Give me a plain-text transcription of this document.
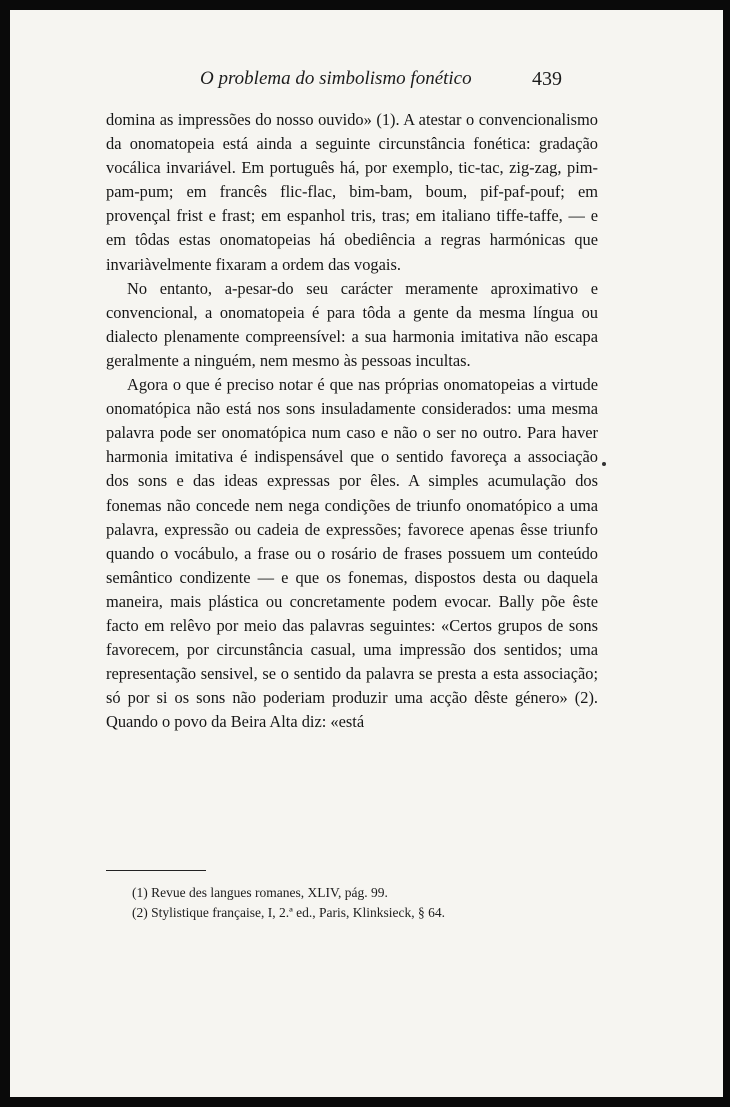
O problema do simbolismo fonético	439

domina as impressões do nosso ouvido» (1). A atestar o convencionalismo da onomatopeia está ainda a seguinte circunstância fonética: gradação vocálica invariável. Em português há, por exemplo, tic-tac, zig-zag, pim-pam-pum; em francês flic-flac, bim-bam, boum, pif-paf-pouf; em provençal frist e frast; em espanhol tris, tras; em italiano tiffe-taffe, — e em tôdas estas onomatopeias há obediência a regras harmónicas que invariàvelmente fixaram a ordem das vogais.

No entanto, a-pesar-do seu carácter meramente aproximativo e convencional, a onomatopeia é para tôda a gente da mesma língua ou dialecto plenamente compreensível: a sua harmonia imitativa não escapa geralmente a ninguém, nem mesmo às pessoas incultas.

Agora o que é preciso notar é que nas próprias onomatopeias a virtude onomatópica não está nos sons insuladamente considerados: uma mesma palavra pode ser onomatópica num caso e não o ser no outro. Para haver harmonia imitativa é indispensável que o sentido favoreça a associação dos sons e das ideas expressas por êles. A simples acumulação dos fonemas não concede nem nega condições de triunfo onomatópico a uma palavra, expressão ou cadeia de expressões; favorece apenas êsse triunfo quando o vocábulo, a frase ou o rosário de frases possuem um conteúdo semântico condizente — e que os fonemas, dispostos desta ou daquela maneira, mais plástica ou concretamente podem evocar. Bally põe êste facto em relêvo por meio das palavras seguintes: «Certos grupos de sons favorecem, por circunstância casual, uma impressão dos sentidos; uma representação sensivel, se o sentido da palavra se presta a esta associação; só por si os sons não poderiam produzir uma acção dêste género» (2). Quando o povo da Beira Alta diz: «está

(1) Revue des langues romanes, XLIV, pág. 99.
(2) Stylistique française, I, 2.ª ed., Paris, Klinksieck, § 64.
